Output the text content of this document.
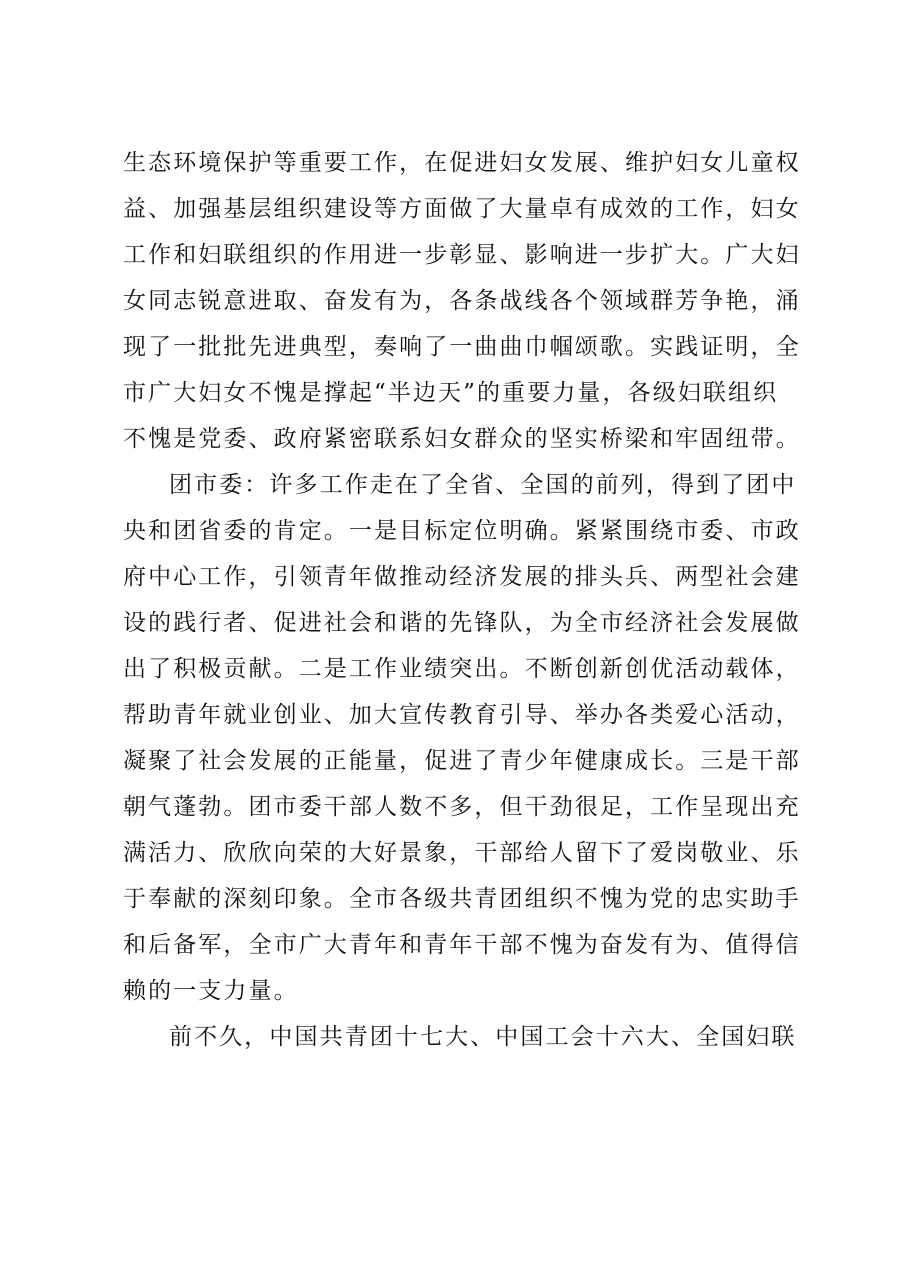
生态环境保护等重要工作，在促进妇女发展、维护妇女儿童权
益、加强基层组织建设等方面做了大量卓有成效的工作，妇女
工作和妇联组织的作用进一步彰显、影响进一步扩大。广大妇
女同志锐意进取、奋发有为，各条战线各个领域群芳争艳，涌
现了一批批先进典型，奏响了一曲曲巾帼颂歌。实践证明，全
市广大妇女不愧是撑起“半边天”的重要力量，各级妇联组织
不愧是党委、政府紧密联系妇女群众的坚实桥梁和牢固纽带。
团市委：许多工作走在了全省、全国的前列，得到了团中
央和团省委的肯定。一是目标定位明确。紧紧围绕市委、市政
府中心工作，引领青年做推动经济发展的排头兵、两型社会建
设的践行者、促进社会和谐的先锋队，为全市经济社会发展做
出了积极贡献。二是工作业绩突出。不断创新创优活动载体，
帮助青年就业创业、加大宣传教育引导、举办各类爱心活动，
凝聚了社会发展的正能量，促进了青少年健康成长。三是干部
朝气蓬勃。团市委干部人数不多，但干劲很足，工作呈现出充
满活力、欣欣向荣的大好景象，干部给人留下了爱岗敬业、乐
于奉献的深刻印象。全市各级共青团组织不愧为党的忠实助手
和后备军，全市广大青年和青年干部不愧为奋发有为、值得信
赖的一支力量。
前不久，中国共青团十七大、中国工会十六大、全国妇联
